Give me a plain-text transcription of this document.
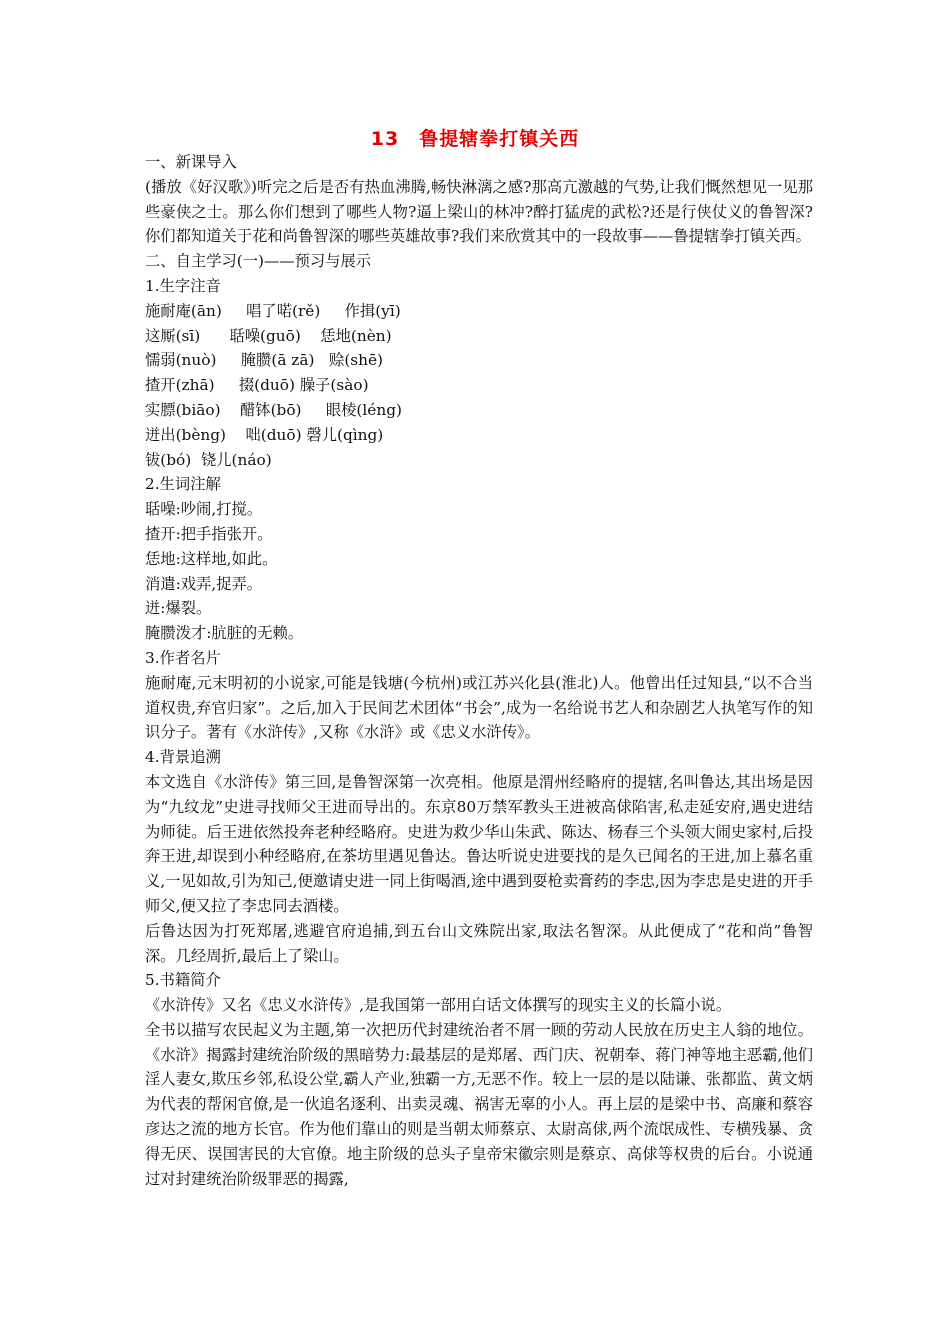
13　鲁提辖拳打镇关西
一、新课导入
(播放《好汉歌》)听完之后是否有热血沸腾,畅快淋漓之感?那高亢激越的气势,让我们慨然想见一见那些豪侠之士。那么你们想到了哪些人物?逼上梁山的林冲?醉打猛虎的武松?还是行侠仗义的鲁智深?你们都知道关于花和尚鲁智深的哪些英雄故事?我们来欣赏其中的一段故事——鲁提辖拳打镇关西。
二、自主学习(一)——预习与展示
1.生字注音
施耐庵(ān)     唱了喏(rě)     作揖(yī)
这厮(sī)      聒噪(guō)    恁地(nèn)
懦弱(nuò)     腌臜(ā zā)   赊(shē)
揸开(zhā)     掇(duō) 臊子(sào)
实膘(biāo)    醋钵(bō)     眼棱(léng)
迸出(bèng)    咄(duō) 磬儿(qìng)
钹(bó)  铙儿(náo)
2.生词注解
聒噪:吵闹,打搅。
揸开:把手指张开。
恁地:这样地,如此。
消遣:戏弄,捉弄。
迸:爆裂。
腌臜泼才:肮脏的无赖。
3.作者名片
施耐庵,元末明初的小说家,可能是钱塘(今杭州)或江苏兴化县(淮北)人。他曾出任过知县,“以不合当道权贵,弃官归家”。之后,加入于民间艺术团体“书会”,成为一名给说书艺人和杂剧艺人执笔写作的知识分子。著有《水浒传》,又称《水浒》或《忠义水浒传》。
4.背景追溯
本文选自《水浒传》第三回,是鲁智深第一次亮相。他原是渭州经略府的提辖,名叫鲁达,其出场是因为“九纹龙”史进寻找师父王进而导出的。东京80万禁军教头王进被高俅陷害,私走延安府,遇史进结为师徒。后王进依然投奔老种经略府。史进为救少华山朱武、陈达、杨春三个头领大闹史家村,后投奔王进,却误到小种经略府,在茶坊里遇见鲁达。鲁达听说史进要找的是久已闻名的王进,加上慕名重义,一见如故,引为知己,便邀请史进一同上街喝酒,途中遇到耍枪卖膏药的李忠,因为李忠是史进的开手师父,便又拉了李忠同去酒楼。
后鲁达因为打死郑屠,逃避官府追捕,到五台山文殊院出家,取法名智深。从此便成了“花和尚”鲁智深。几经周折,最后上了梁山。
5.书籍简介
《水浒传》又名《忠义水浒传》,是我国第一部用白话文体撰写的现实主义的长篇小说。
全书以描写农民起义为主题,第一次把历代封建统治者不屑一顾的劳动人民放在历史主人翁的地位。《水浒》揭露封建统治阶级的黑暗势力:最基层的是郑屠、西门庆、祝朝奉、蒋门神等地主恶霸,他们淫人妻女,欺压乡邻,私设公堂,霸人产业,独霸一方,无恶不作。较上一层的是以陆谦、张都监、黄文炳为代表的帮闲官僚,是一伙追名逐利、出卖灵魂、祸害无辜的小人。再上层的是梁中书、高廉和蔡容彦达之流的地方长官。作为他们靠山的则是当朝太师蔡京、太尉高俅,两个流氓成性、专横残暴、贪得无厌、误国害民的大官僚。地主阶级的总头子皇帝宋徽宗则是蔡京、高俅等权贵的后台。小说通过对封建统治阶级罪恶的揭露,
